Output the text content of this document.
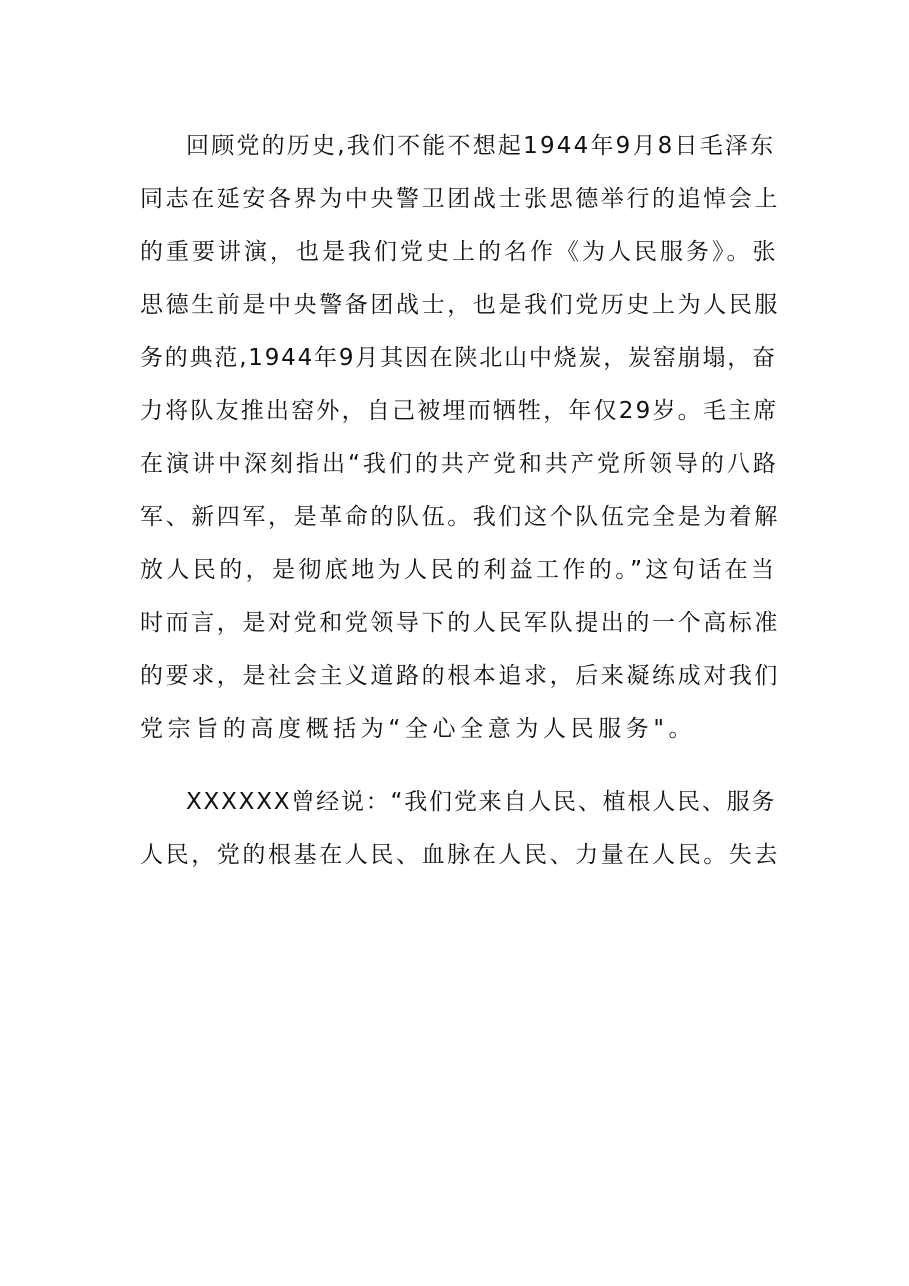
回顾党的历史,我们不能不想起1944年9月8日毛泽东
同志在延安各界为中央警卫团战士张思德举行的追悼会上
的重要讲演，也是我们党史上的名作《为人民服务》。张
思德生前是中央警备团战士，也是我们党历史上为人民服
务的典范,1944年9月其因在陕北山中烧炭，炭窑崩塌，奋
力将队友推出窑外，自己被埋而牺牲，年仅29岁。毛主席
在演讲中深刻指出“我们的共产党和共产党所领导的八路
军、新四军，是革命的队伍。我们这个队伍完全是为着解
放人民的，是彻底地为人民的利益工作的。”这句话在当
时而言，是对党和党领导下的人民军队提出的一个高标准
的要求，是社会主义道路的根本追求，后来凝练成对我们
党宗旨的高度概括为“全心全意为人民服务"。
XXXXXX曾经说：“我们党来自人民、植根人民、服务
人民，党的根基在人民、血脉在人民、力量在人民。失去
